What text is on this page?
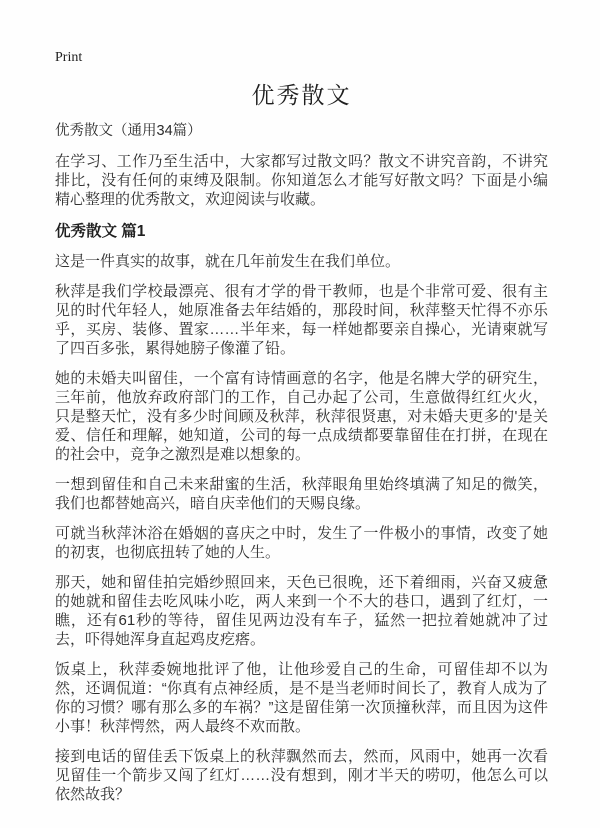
Print
优秀散文
优秀散文（通用34篇）

在学习、工作乃至生活中，大家都写过散文吗？散文不讲究音韵，不讲究排比，没有任何的束缚及限制。你知道怎么才能写好散文吗？下面是小编精心整理的优秀散文，欢迎阅读与收藏。

优秀散文 篇1

这是一件真实的故事，就在几年前发生在我们单位。

秋萍是我们学校最漂亮、很有才学的骨干教师，也是个非常可爱、很有主见的时代年轻人，她原准备去年结婚的，那段时间，秋萍整天忙得不亦乐乎，买房、装修、置家……半年来，每一样她都要亲自操心，光请柬就写了四百多张，累得她膀子像灌了铅。

她的未婚夫叫留佳，一个富有诗情画意的名字，他是名牌大学的研究生，三年前，他放弃政府部门的工作，自己办起了公司，生意做得红红火火，只是整天忙，没有多少时间顾及秋萍，秋萍很贤惠，对未婚夫更多的'是关爱、信任和理解，她知道，公司的每一点成绩都要靠留佳在打拼，在现在的社会中，竞争之激烈是难以想象的。

一想到留佳和自己未来甜蜜的生活，秋萍眼角里始终填满了知足的微笑，我们也都替她高兴，暗自庆幸他们的天赐良缘。

可就当秋萍沐浴在婚姻的喜庆之中时，发生了一件极小的事情，改变了她的初衷，也彻底扭转了她的人生。

那天，她和留佳拍完婚纱照回来，天色已很晚，还下着细雨，兴奋又疲惫的她就和留佳去吃风味小吃，两人来到一个不大的巷口，遇到了红灯，一瞧，还有61秒的等待，留佳见两边没有车子，猛然一把拉着她就冲了过去，吓得她浑身直起鸡皮疙瘩。

饭桌上，秋萍委婉地批评了他，让他珍爱自己的生命，可留佳却不以为然，还调侃道：“你真有点神经质，是不是当老师时间长了，教育人成为了你的习惯？哪有那么多的车祸？”这是留佳第一次顶撞秋萍，而且因为这件小事！秋萍愕然，两人最终不欢而散。

接到电话的留佳丢下饭桌上的秋萍飘然而去，然而，风雨中，她再一次看见留佳一个箭步又闯了红灯……没有想到，刚才半天的唠叨，他怎么可以依然故我？
